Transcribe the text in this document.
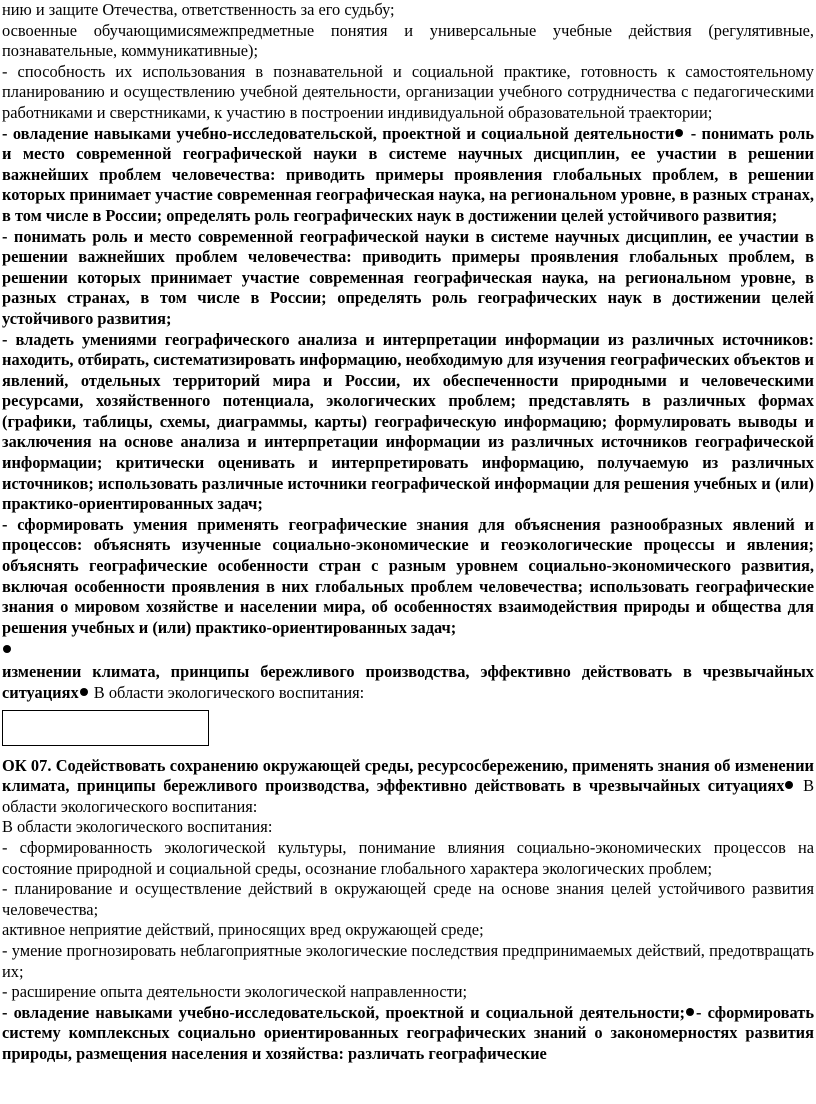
нию и защите Отечества, ответственность за его судьбу;

освоенные обучающимисямежпредметные понятия и универсальные учебные действия (регулятивные, познавательные, коммуникативные);

- способность их использования в познавательной и социальной практике, готовность к самостоятельному планированию и осуществлению учебной деятельности, организации учебного сотрудничества с педагогическими работниками и сверстниками, к участию в построении индивидуальной образовательной траектории;

- овладение навыками учебно-исследовательской, проектной и социальной деятельности - понимать роль и место современной географической науки в системе научных дисциплин, ее участии в решении важнейших проблем человечества: приводить примеры проявления глобальных проблем, в решении которых принимает участие современная географическая наука, на региональном уровне, в разных странах, в том числе в России; определять роль географических наук в достижении целей устойчивого развития;

- понимать роль и место современной географической науки в системе научных дисциплин, ее участии в решении важнейших проблем человечества: приводить примеры проявления глобальных проблем, в решении которых принимает участие современная географическая наука, на региональном уровне, в разных странах, в том числе в России; определять роль географических наук в достижении целей устойчивого развития;

- владеть умениями географического анализа и интерпретации информации из различных источников: находить, отбирать, систематизировать информацию, необходимую для изучения географических объектов и явлений, отдельных территорий мира и России, их обеспеченности природными и человеческими ресурсами, хозяйственного потенциала, экологических проблем; представлять в различных формах (графики, таблицы, схемы, диаграммы, карты) географическую информацию; формулировать выводы и заключения на основе анализа и интерпретации информации из различных источников географической информации; критически оценивать и интерпретировать информацию, получаемую из различных источников; использовать различные источники географической информации для решения учебных и (или) практико-ориентированных задач;

- сформировать умения применять географические знания для объяснения разнообразных явлений и процессов: объяснять изученные социально-экономические и геоэкологические процессы и явления; объяснять географические особенности стран с разным уровнем социально-экономического развития, включая особенности проявления в них глобальных проблем человечества; использовать географические знания о мировом хозяйстве и населении мира, об особенностях взаимодействия природы и общества для решения учебных и (или) практико-ориентированных задач;

изменении климата, принципы бережливого производства, эффективно действовать в чрезвычайных ситуациях В области экологического воспитания:

ОК 07. Содействовать сохранению окружающей среды, ресурсосбережению, применять знания об изменении климата, принципы бережливого производства, эффективно действовать в чрезвычайных ситуациях В области экологического воспитания:

В области экологического воспитания:

- сформированность экологической культуры, понимание влияния социально-экономических процессов на состояние природной и социальной среды, осознание глобального характера экологических проблем;

- планирование и осуществление действий в окружающей среде на основе знания целей устойчивого развития человечества;

активное неприятие действий, приносящих вред окружающей среде;

- умение прогнозировать неблагоприятные экологические последствия предпринимаемых действий, предотвращать их;

- расширение опыта деятельности экологической направленности;

- овладение навыками учебно-исследовательской, проектной и социальной деятельности; - сформировать систему комплексных социально ориентированных географических знаний о закономерностях развития природы, размещения населения и хозяйства: различать географические
